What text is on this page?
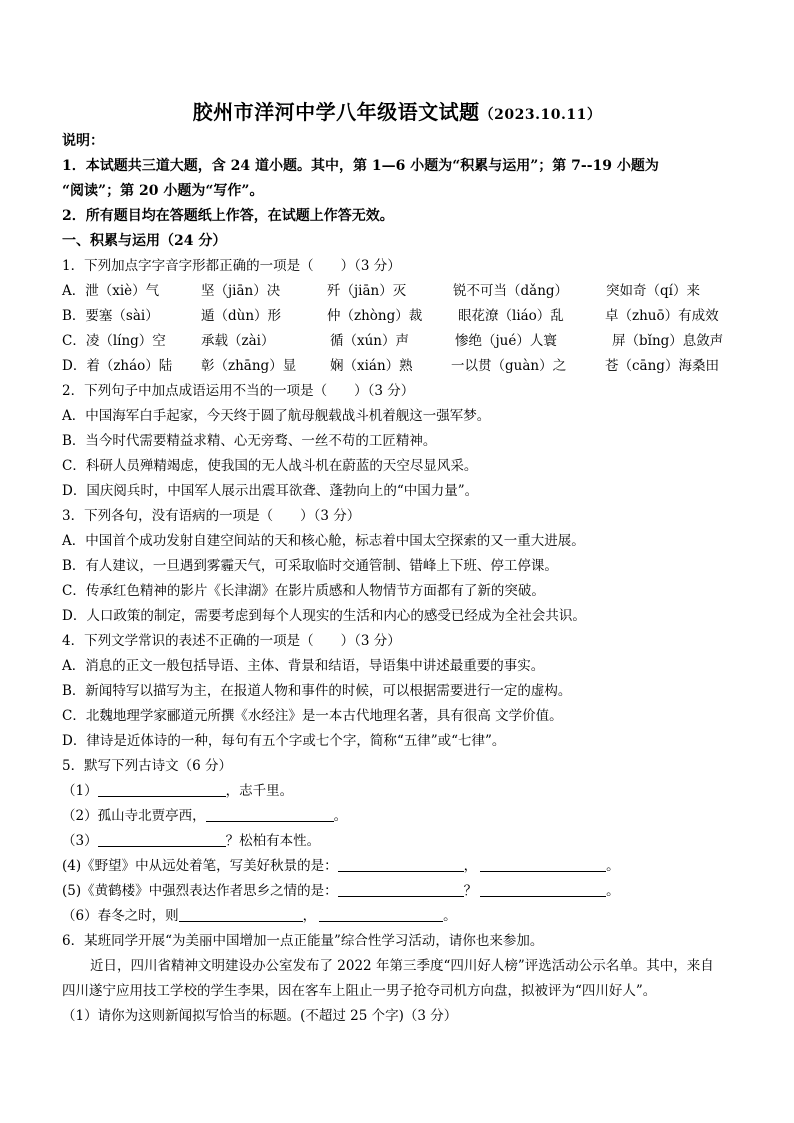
胶州市洋河中学八年级语文试题（2023.10.11）
说明：
1．本试题共三道大题，含 24 道小题。其中，第 1—6 小题为“积累与运用”；第 7--19 小题为
“阅读”；第 20 小题为“写作”。
2．所有题目均在答题纸上作答，在试题上作答无效。
一、积累与运用（24 分）
1．下列加点字字音字形都正确的一项是（　　）（3 分）
A．泄（xiè）气	坚（jiān）决	歼（jiān）灭	锐不可当（dǎng）	突如奇（qí）来
B．要塞（sài）	遁（dùn）形	仲（zhòng）裁	眼花潦（liáo）乱	卓（zhuō）有成效
C．凌（líng）空	承载（zài）	循（xún）声	惨绝（jué）人寰	屏（bǐng）息敛声
D．着（zháo）陆 彰（zhāng）显	娴（xián）熟	一以贯（guàn）之	苍（cāng）海桑田
2．下列句子中加点成语运用不当的一项是（　　）（3 分）
A．中国海军白手起家，今天终于圆了航母舰载战斗机着舰这一强军梦。
B．当今时代需要精益求精、心无旁骛、一丝不苟的工匠精神。
C．科研人员殚精竭虑，使我国的无人战斗机在蔚蓝的天空尽显风采。
D．国庆阅兵时，中国军人展示出震耳欲聋、蓬勃向上的“中国力量”。
3．下列各句，没有语病的一项是（　　）（3 分）
A．中国首个成功发射自建空间站的天和核心舱，标志着中国太空探索的又一重大进展。
B．有人建议，一旦遇到雾霾天气，可采取临时交通管制、错峰上下班、停工停课。
C．传承红色精神的影片《长津湖》在影片质感和人物情节方面都有了新的突破。
D．人口政策的制定，需要考虑到每个人现实的生活和内心的感受已经成为全社会共识。
4．下列文学常识的表述不正确的一项是（　　）（3 分）
A．消息的正文一般包括导语、主体、背景和结语，导语集中讲述最重要的事实。
B．新闻特写以描写为主，在报道人物和事件的时候，可以根据需要进行一定的虚构。
C．北魏地理学家郦道元所撰《水经注》是一本古代地理名著，具有很高 文学价值。
D．律诗是近体诗的一种，每句有五个字或七个字，简称“五律”或“七律”。
5．默写下列古诗文（6 分）
（1）	，志千里。
（2）孤山寺北贾亭西，	。
（3）	？松柏有本性。
(4)《野望》中从远处着笔，写美好秋景的是：	，	。
(5)《黄鹤楼》中强烈表达作者思乡之情的是：	？	。
（6）春冬之时，则	，	。
6．某班同学开展“为美丽中国增加一点正能量”综合性学习活动，请你也来参加。
近日，四川省精神文明建设办公室发布了 2022 年第三季度“四川好人榜”评选活动公示名单。其中，来自
四川遂宁应用技工学校的学生李果，因在客车上阻止一男子抢夺司机方向盘，拟被评为“四川好人”。
（1）请你为这则新闻拟写恰当的标题。(不超过 25 个字)（3 分）
